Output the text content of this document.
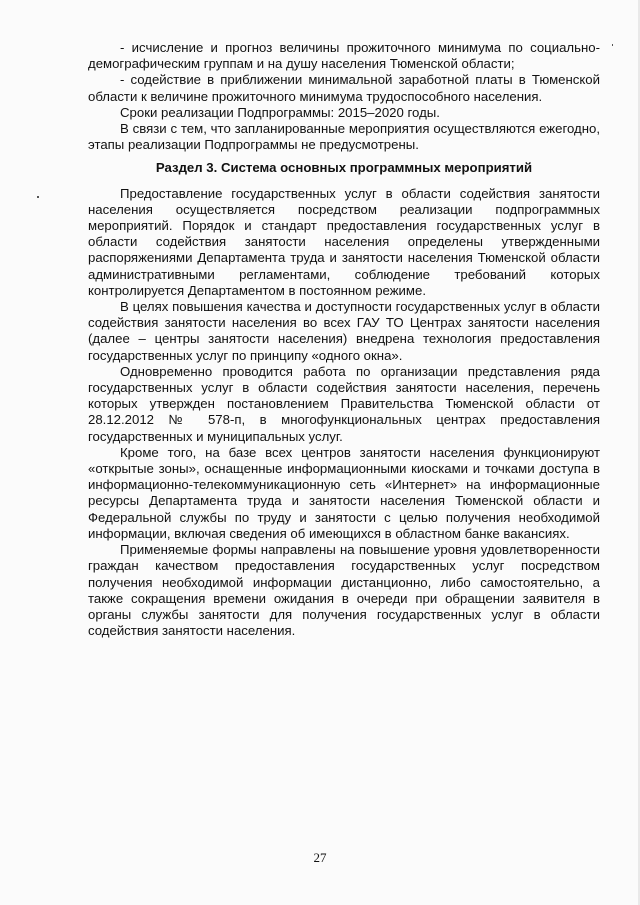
- исчисление и прогноз величины прожиточного минимума по социально-демографическим группам и на душу населения Тюменской области;

- содействие в приближении минимальной заработной платы в Тюменской области к величине прожиточного минимума трудоспособного населения.

Сроки реализации Подпрограммы: 2015–2020 годы.

В связи с тем, что запланированные мероприятия осуществляются ежегодно, этапы реализации Подпрограммы не предусмотрены.

Раздел 3. Система основных программных мероприятий

Предоставление государственных услуг в области содействия занятости населения осуществляется посредством реализации подпрограммных мероприятий. Порядок и стандарт предоставления государственных услуг в области содействия занятости населения определены утвержденными распоряжениями Департамента труда и занятости населения Тюменской области административными регламентами, соблюдение требований которых контролируется Департаментом в постоянном режиме.

В целях повышения качества и доступности государственных услуг в области содействия занятости населения во всех ГАУ ТО Центрах занятости населения (далее – центры занятости населения) внедрена технология предоставления государственных услуг по принципу «одного окна».

Одновременно проводится работа по организации представления ряда государственных услуг в области содействия занятости населения, перечень которых утвержден постановлением Правительства Тюменской области от 28.12.2012 № 578-п, в многофункциональных центрах предоставления государственных и муниципальных услуг.

Кроме того, на базе всех центров занятости населения функционируют «открытые зоны», оснащенные информационными киосками и точками доступа в информационно-телекоммуникационную сеть «Интернет» на информационные ресурсы Департамента труда и занятости населения Тюменской области и Федеральной службы по труду и занятости с целью получения необходимой информации, включая сведения об имеющихся в областном банке вакансиях.

Применяемые формы направлены на повышение уровня удовлетворенности граждан качеством предоставления государственных услуг посредством получения необходимой информации дистанционно, либо самостоятельно, а также сокращения времени ожидания в очереди при обращении заявителя в органы службы занятости для получения государственных услуг в области содействия занятости населения.

27
